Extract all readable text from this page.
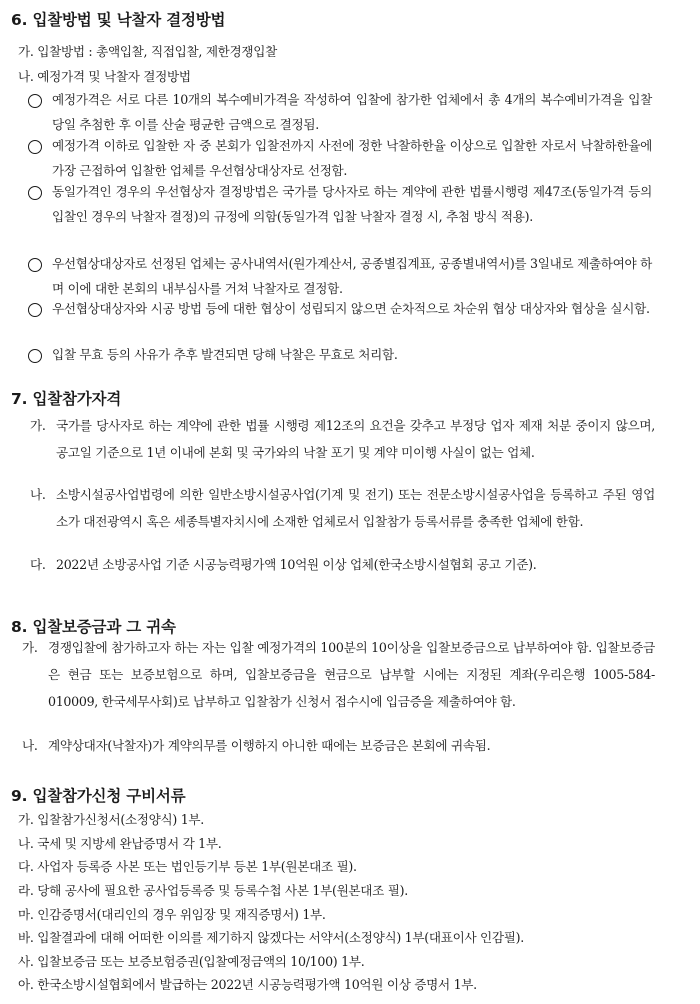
6. 입찰방법 및 낙찰자 결정방법
가. 입찰방법 : 총액입찰, 직접입찰, 제한경쟁입찰
나. 예정가격 및 낙찰자 결정방법
예정가격은 서로 다른 10개의 복수예비가격을 작성하여 입찰에 참가한 업체에서 총 4개의 복수예비가격을 입찰 당일 추첨한 후 이를 산술 평균한 금액으로 결정됨.
예정가격 이하로 입찰한 자 중 본회가 입찰전까지 사전에 정한 낙찰하한율 이상으로 입찰한 자로서 낙찰하한율에 가장 근접하여 입찰한 업체를 우선협상대상자로 선정함.
동일가격인 경우의 우선협상자 결정방법은 국가를 당사자로 하는 계약에 관한 법률시행령 제47조(동일가격 등의 입찰인 경우의 낙찰자 결정)의 규정에 의함(동일가격 입찰 낙찰자 결정 시, 추첨 방식 적용).
우선협상대상자로 선정된 업체는 공사내역서(원가계산서, 공종별집계표, 공종별내역서)를 3일내로 제출하여야 하며 이에 대한 본회의 내부심사를 거쳐 낙찰자로 결정함.
우선협상대상자와 시공 방법 등에 대한 협상이 성립되지 않으면 순차적으로 차순위 협상 대상자와 협상을 실시함.
입찰 무효 등의 사유가 추후 발견되면 당해 낙찰은 무효로 처리함.
7. 입찰참가자격
가. 국가를 당사자로 하는 계약에 관한 법률 시행령 제12조의 요건을 갖추고 부정당 업자 제재 처분 중이지 않으며, 공고일 기준으로 1년 이내에 본회 및 국가와의 낙찰 포기 및 계약 미이행 사실이 없는 업체.
나. 소방시설공사업법령에 의한 일반소방시설공사업(기계 및 전기) 또는 전문소방시설공사업을 등록하고 주된 영업소가 대전광역시 혹은 세종특별자치시에 소재한 업체로서 입찰참가 등록서류를 충족한 업체에 한함.
다. 2022년 소방공사업 기준 시공능력평가액 10억원 이상 업체(한국소방시설협회 공고 기준).
8. 입찰보증금과 그 귀속
가. 경쟁입찰에 참가하고자 하는 자는 입찰 예정가격의 100분의 10이상을 입찰보증금으로 납부하여야 함. 입찰보증금은 현금 또는 보증보험으로 하며, 입찰보증금을 현금으로 납부할 시에는 지정된 계좌(우리은행 1005-584-010009, 한국세무사회)로 납부하고 입찰참가 신청서 접수시에 입금증을 제출하여야 함.
나. 계약상대자(낙찰자)가 계약의무를 이행하지 아니한 때에는 보증금은 본회에 귀속됨.
9. 입찰참가신청 구비서류
가. 입찰참가신청서(소정양식) 1부.
나. 국세 및 지방세 완납증명서 각 1부.
다. 사업자 등록증 사본 또는 법인등기부 등본 1부(원본대조 필).
라. 당해 공사에 필요한 공사업등록증 및 등록수첩 사본 1부(원본대조 필).
마. 인감증명서(대리인의 경우 위임장 및 재직증명서) 1부.
바. 입찰결과에 대해 어떠한 이의를 제기하지 않겠다는 서약서(소정양식) 1부(대표이사 인감필).
사. 입찰보증금 또는 보증보험증권(입찰예정금액의 10/100) 1부.
아. 한국소방시설협회에서 발급하는 2022년 시공능력평가액 10억원 이상 증명서 1부.
